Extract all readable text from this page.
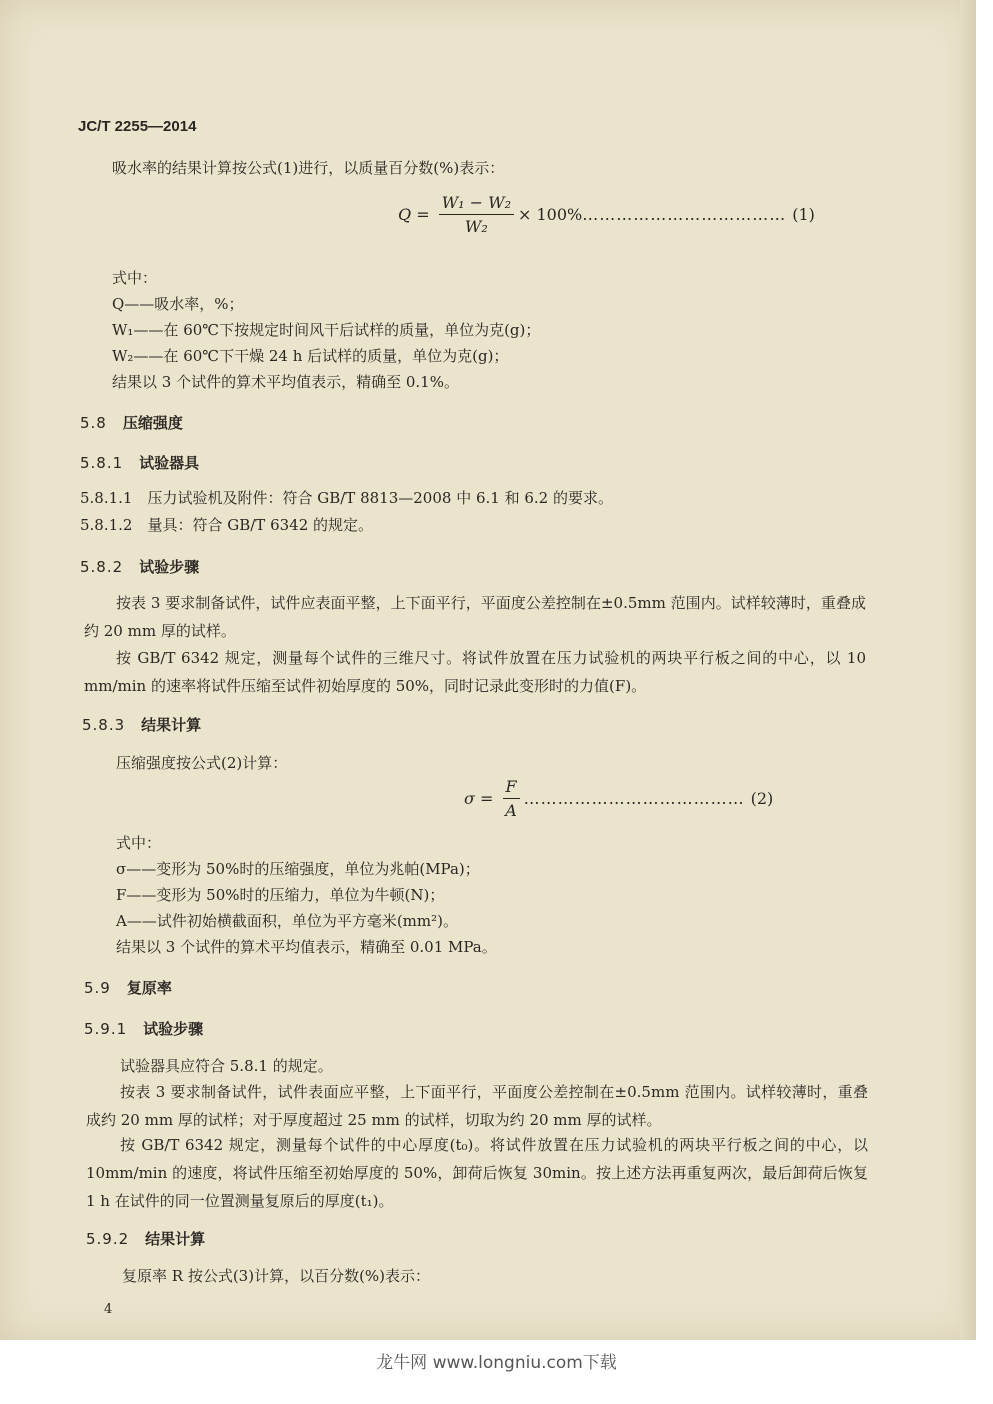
JC/T 2255—2014
吸水率的结果计算按公式(1)进行，以质量百分数(%)表示：
$Q = \frac{\text{W₁ − W₂}}{\text{W₂}} \times 100\%$ ……………………………… (1)
式中：
Q——吸水率，%；
W₁——在 60℃下按规定时间风干后试样的质量，单位为克(g)；
W₂——在 60℃下干燥 24 h 后试样的质量，单位为克(g)；
结果以 3 个试件的算术平均值表示，精确至 0.1%。
5.8 压缩强度
5.8.1 试验器具
5.8.1.1　压力试验机及附件：符合 GB/T 8813—2008 中 6.1 和 6.2 的要求。
5.8.1.2　量具：符合 GB/T 6342 的规定。
5.8.2 试验步骤
按表 3 要求制备试件，试件应表面平整，上下面平行，平面度公差控制在±0.5mm 范围内。试样较薄时，重叠成约 20 mm 厚的试样。
按 GB/T 6342 规定，测量每个试件的三维尺寸。将试件放置在压力试验机的两块平行板之间的中心，以 10 mm/min 的速率将试件压缩至试件初始厚度的 50%，同时记录此变形时的力值(F)。
5.8.3 结果计算
压缩强度按公式(2)计算：
$\sigma = \frac{F}{A}$ ………………………………… (2)
式中：
σ——变形为 50%时的压缩强度，单位为兆帕(MPa)；
F——变形为 50%时的压缩力，单位为牛顿(N)；
A——试件初始横截面积，单位为平方毫米(mm²)。
结果以 3 个试件的算术平均值表示，精确至 0.01 MPa。
5.9 复原率
5.9.1 试验步骤
试验器具应符合 5.8.1 的规定。
按表 3 要求制备试件，试件表面应平整，上下面平行，平面度公差控制在±0.5mm 范围内。试样较薄时，重叠成约 20 mm 厚的试样；对于厚度超过 25 mm 的试样，切取为约 20 mm 厚的试样。
按 GB/T 6342 规定，测量每个试件的中心厚度(t₀)。将试件放置在压力试验机的两块平行板之间的中心，以 10mm/min 的速度，将试件压缩至初始厚度的 50%，卸荷后恢复 30min。按上述方法再重复两次，最后卸荷后恢复 1 h 在试件的同一位置测量复原后的厚度(t₁)。
5.9.2 结果计算
复原率 R 按公式(3)计算，以百分数(%)表示：
4
龙牛网 www.longniu.com下载
